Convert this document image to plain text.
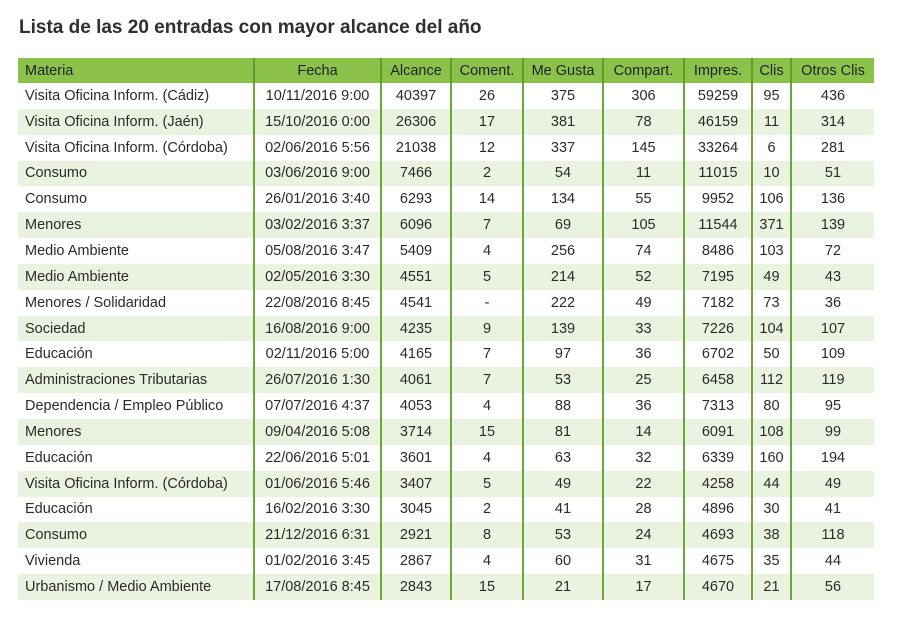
Lista de las 20 entradas con mayor alcance del año
Materia	Fecha	Alcance	Coment.	Me Gusta	Compart.	Impres.	Clis	Otros Clis
Visita Oficina Inform. (Cádiz)	10/11/2016 9:00	40397	26	375	306	59259	95	436
Visita Oficina Inform. (Jaén)	15/10/2016 0:00	26306	17	381	78	46159	11	314
Visita Oficina Inform. (Córdoba)	02/06/2016 5:56	21038	12	337	145	33264	6	281
Consumo	03/06/2016 9:00	7466	2	54	11	11015	10	51
Consumo	26/01/2016 3:40	6293	14	134	55	9952	106	136
Menores	03/02/2016 3:37	6096	7	69	105	11544	371	139
Medio Ambiente	05/08/2016 3:47	5409	4	256	74	8486	103	72
Medio Ambiente	02/05/2016 3:30	4551	5	214	52	7195	49	43
Menores / Solidaridad	22/08/2016 8:45	4541	-	222	49	7182	73	36
Sociedad	16/08/2016 9:00	4235	9	139	33	7226	104	107
Educación	02/11/2016 5:00	4165	7	97	36	6702	50	109
Administraciones Tributarias	26/07/2016 1:30	4061	7	53	25	6458	112	119
Dependencia / Empleo Público	07/07/2016 4:37	4053	4	88	36	7313	80	95
Menores	09/04/2016 5:08	3714	15	81	14	6091	108	99
Educación	22/06/2016 5:01	3601	4	63	32	6339	160	194
Visita Oficina Inform. (Córdoba)	01/06/2016 5:46	3407	5	49	22	4258	44	49
Educación	16/02/2016 3:30	3045	2	41	28	4896	30	41
Consumo	21/12/2016 6:31	2921	8	53	24	4693	38	118
Vivienda	01/02/2016 3:45	2867	4	60	31	4675	35	44
Urbanismo / Medio Ambiente	17/08/2016 8:45	2843	15	21	17	4670	21	56
